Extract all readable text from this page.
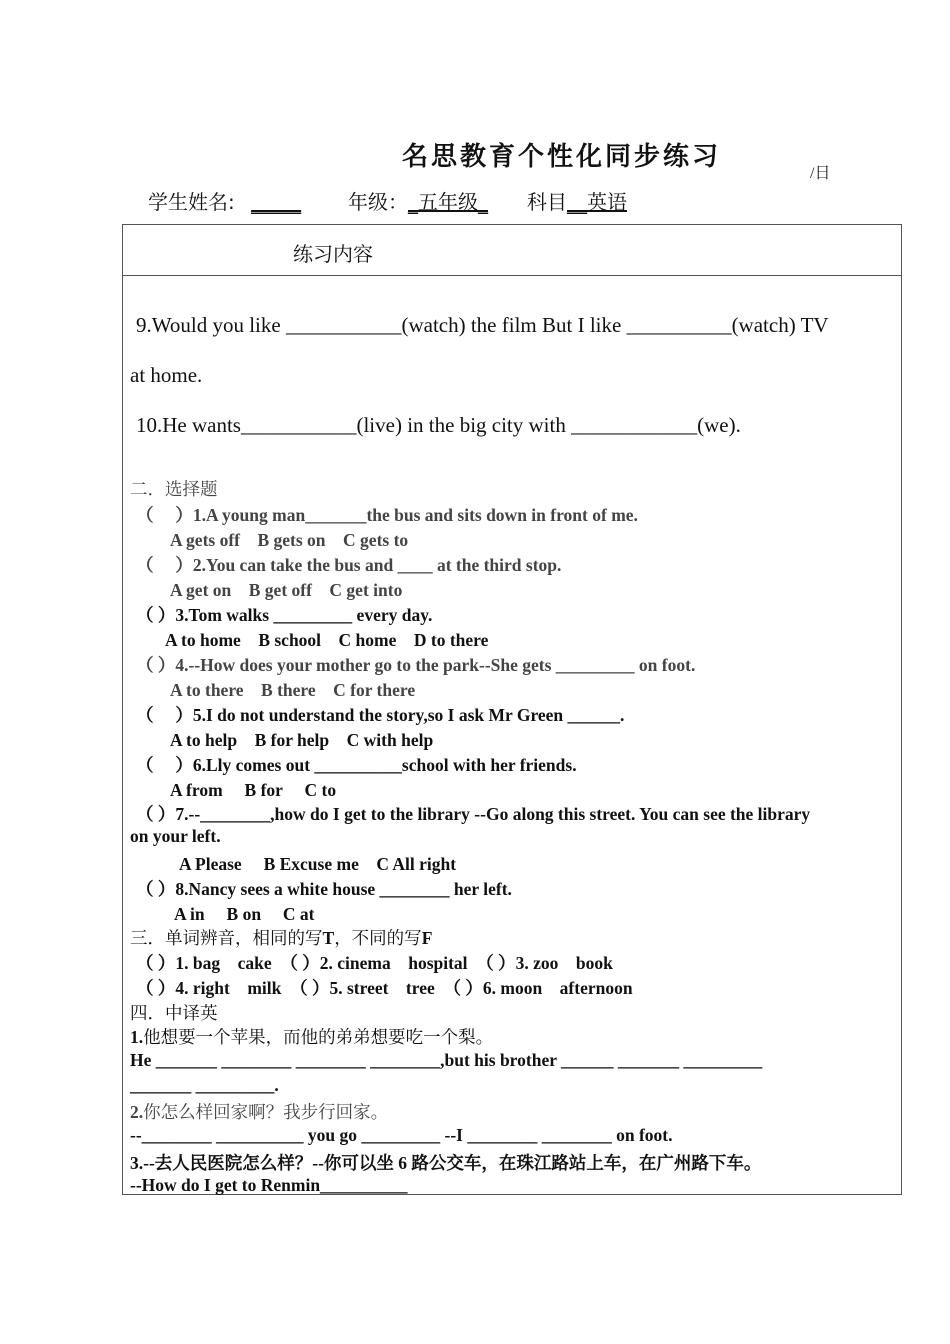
名思教育个性化同步练习
/日
学生姓名: _____ 年级：_五年级_ 科目__英语
练习内容
9.Would you like ___________(watch) the film But I like __________(watch) TV
at home.
10.He wants___________(live) in the big city with ____________(we).
二．选择题
（　 ）1.A young man_______the bus and sits down in front of me.
A gets off　B gets on　C gets to
（　 ）2.You can take the bus and ____ at the third stop.
A get on　B get off　C get into
（ ）3.Tom walks _________ every day.
A to home　B school　C home　D to there
（ ）4.--How does your mother go to the park--She gets _________ on foot.
A to there　B there　C for there
（　 ）5.I do not understand the story,so I ask Mr Green ______.
A to help　B for help　C with help
（　 ）6.Lly comes out __________school with her friends.
A from　 B for　 C to
（ ）7.--________,how do I get to the library --Go along this street. You can see the library
on your left.
A Please　 B Excuse me　C All right
（ ）8.Nancy sees a white house ________ her left.
A in　 B on　 C at
三．单词辨音，相同的写T，不同的写F
（ ）1. bag　cake　（ ）2. cinema　hospital　（ ）3. zoo　book
（ ）4. right　milk　（ ）5. street　tree　（ ）6. moon　afternoon
四．中译英
1.他想要一个苹果，而他的弟弟想要吃一个梨。
He _______ ________ ________ ________,but his brother ______ _______ _________
_______ _________.
2.你怎么样回家啊？我步行回家。
--________ __________ you go _________ --I ________ ________ on foot.
3.--去人民医院怎么样？--你可以坐 6 路公交车，在珠江路站上车，在广州路下车。
--How do I get to Renmin__________
